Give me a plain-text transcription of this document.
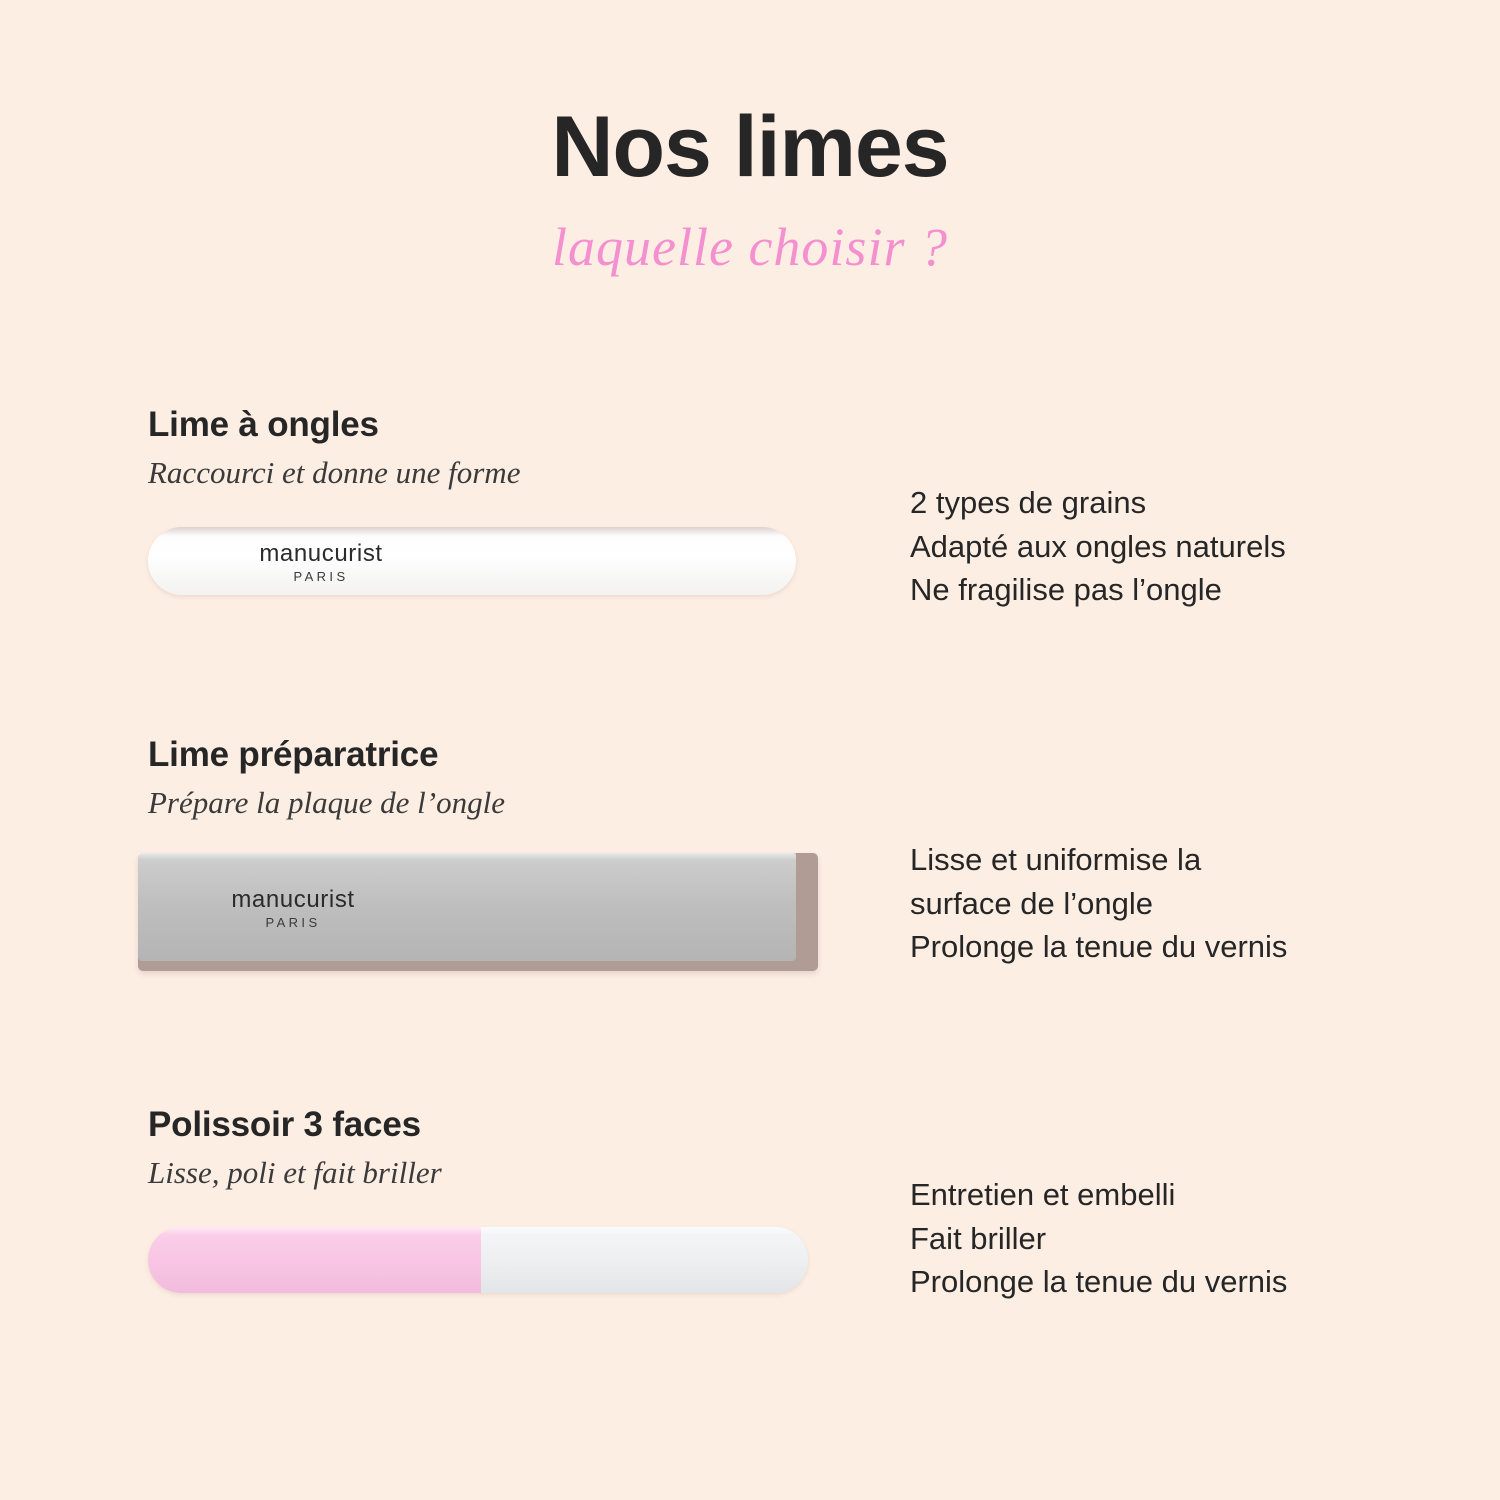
Nos limes

laquelle choisir ?

Lime à ongles

Raccourci et donne une forme

manucurist
PARIS

2 types de grains

Adapté aux ongles naturels

Ne fragilise pas l’ongle

Lime préparatrice

Prépare la plaque de l’ongle

manucurist
PARIS

Lisse et uniformise la

surface de l’ongle

Prolonge la tenue du vernis

Polissoir 3 faces

Lisse, poli et fait briller

Entretien et embelli

Fait briller

Prolonge la tenue du vernis
